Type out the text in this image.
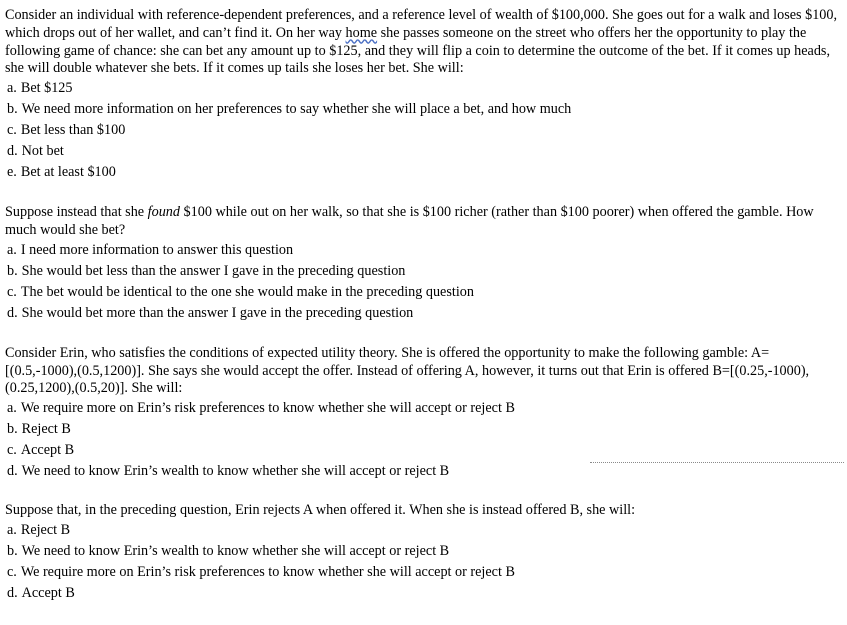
Consider an individual with reference-dependent preferences, and a reference level of wealth of $100,000. She goes out for a walk and loses $100, which drops out of her wallet, and can’t find it. On her way home she passes someone on the street who offers her the opportunity to play the following game of chance: she can bet any amount up to $125, and they will flip a coin to determine the outcome of the bet. If it comes up heads, she will double whatever she bets. If it comes up tails she loses her bet. She will:

a. Bet $125
b. We need more information on her preferences to say whether she will place a bet, and how much
c. Bet less than $100
d. Not bet
e. Bet at least $100

Suppose instead that she found $100 while out on her walk, so that she is $100 richer (rather than $100 poorer) when offered the gamble. How much would she bet?

a. I need more information to answer this question
b. She would bet less than the answer I gave in the preceding question
c. The bet would be identical to the one she would make in the preceding question
d. She would bet more than the answer I gave in the preceding question

Consider Erin, who satisfies the conditions of expected utility theory. She is offered the opportunity to make the following gamble: A=[(0.5,-1000),(0.5,1200)]. She says she would accept the offer. Instead of offering A, however, it turns out that Erin is offered B=[(0.25,-1000),(0.25,1200),(0.5,20)]. She will:

a. We require more on Erin’s risk preferences to know whether she will accept or reject B
b. Reject B
c. Accept B
d. We need to know Erin’s wealth to know whether she will accept or reject B

Suppose that, in the preceding question, Erin rejects A when offered it. When she is instead offered B, she will:

a. Reject B
b. We need to know Erin’s wealth to know whether she will accept or reject B
c. We require more on Erin’s risk preferences to know whether she will accept or reject B
d. Accept B
